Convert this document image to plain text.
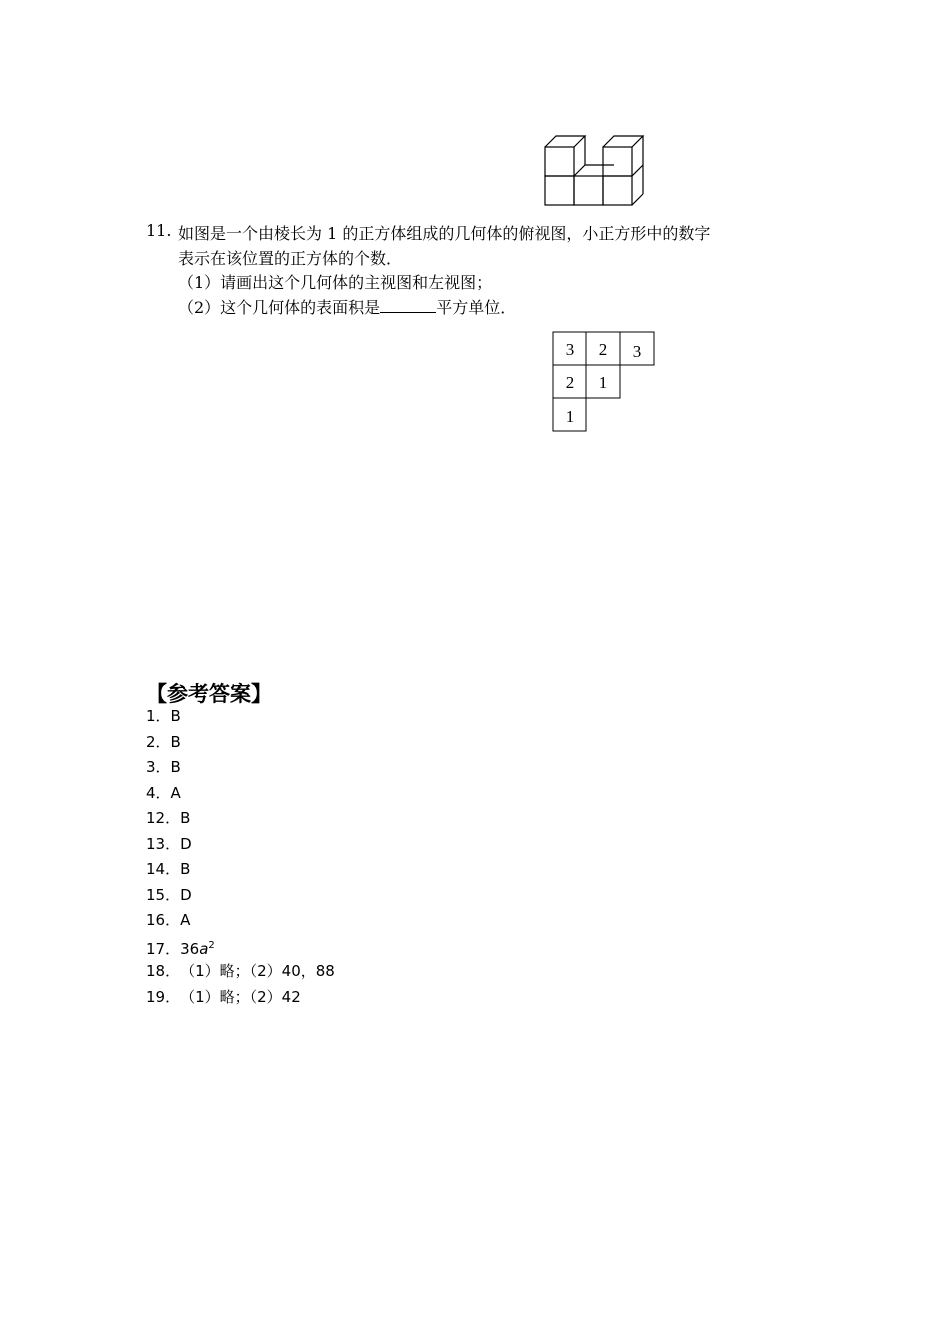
11. 如图是一个由棱长为 1 的正方体组成的几何体的俯视图，小正方形中的数字
表示在该位置的正方体的个数．
（1）请画出这个几何体的主视图和左视图；
（2）这个几何体的表面积是	平方单位．
3 2 3
2 1
1
【参考答案】
1．B
2．B
3．B
4．A
12．B
13．D
14．B
15．D
16．A
17．$36a^2$
18．（1）略；（2）40，88
19．（1）略；（2）42
